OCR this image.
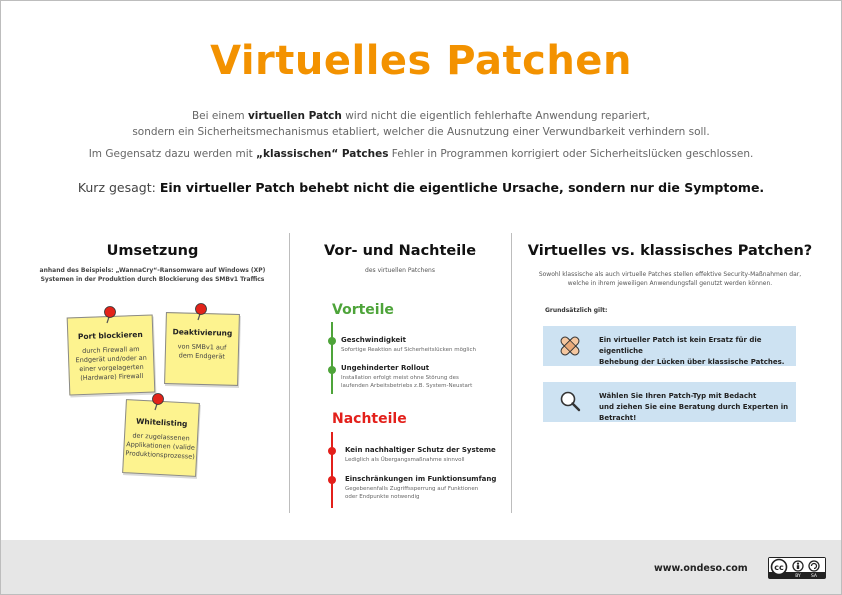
Virtuelles Patchen
Bei einem virtuellen Patch wird nicht die eigentlich fehlerhafte Anwendung repariert,
sondern ein Sicherheitsmechanismus etabliert, welcher die Ausnutzung einer Verwundbarkeit verhindern soll.
Im Gegensatz dazu werden mit „klassischen“ Patches Fehler in Programmen korrigiert oder Sicherheitslücken geschlossen.
Kurz gesagt: Ein virtueller Patch behebt nicht die eigentliche Ursache, sondern nur die Symptome.
Umsetzung
anhand des Beispiels: „WannaCry“-Ransomware auf Windows (XP)
Systemen in der Produktion durch Blockierung des SMBv1 Traffics
Port blockieren
durch Firewall am
Endgerät und/oder an
einer vorgelagerten
(Hardware) Firewall
Deaktivierung
von SMBv1 auf
dem Endgerät
Whitelisting
der zugelassenen
Applikationen (valide
Produktionsprozesse)
Vor- und Nachteile
des virtuellen Patchens
Vorteile
Geschwindigkeit
Sofortige Reaktion auf Sicherheitslücken möglich
Ungehinderter Rollout
Installation erfolgt meist ohne Störung des
laufenden Arbeitsbetriebs z.B. System-Neustart
Nachteile
Kein nachhaltiger Schutz der Systeme
Lediglich als Übergangsmaßnahme sinnvoll
Einschränkungen im Funktionsumfang
Gegebenenfalls Zugriffssperrung auf Funktionen
oder Endpunkte notwendig
Virtuelles vs. klassisches Patchen?
Sowohl klassische als auch virtuelle Patches stellen effektive Security-Maßnahmen dar,
welche in ihrem jeweiligen Anwendungsfall genutzt werden können.
Grundsätzlich gilt:
Ein virtueller Patch ist kein Ersatz für die eigentliche
Behebung der Lücken über klassische Patches.
Wählen Sie Ihren Patch-Typ mit Bedacht
und ziehen Sie eine Beratung durch Experten in Betracht!
www.ondeso.com	cc
BY SA
